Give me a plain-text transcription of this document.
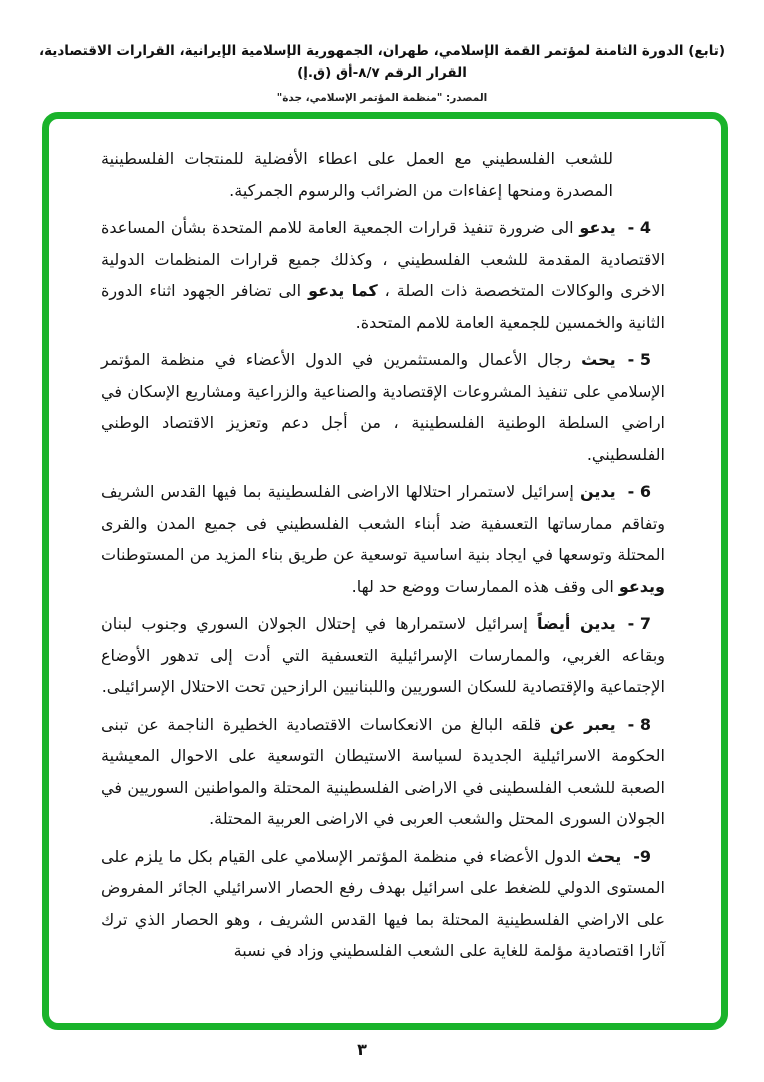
(تابع) الدورة الثامنة لمؤتمر القمة الإسلامي، طهران، الجمهورية الإسلامية الإيرانية، القرارات الاقتصادية، القرار الرقم ٨/٧-أق (ق.إ)
المصدر: "منظمة المؤتمر الإسلامي، جدة"

للشعب الفلسطيني مع العمل على اعطاء الأفضلية للمنتجات الفلسطينية المصدرة ومنحها إعفاءات من الضرائب والرسوم الجمركية.

4 -يدعو الى ضرورة تنفيذ قرارات الجمعية العامة للامم المتحدة بشأن المساعدة الاقتصادية المقدمة للشعب الفلسطيني ، وكذلك جميع قرارات المنظمات الدولية الاخرى والوكالات المتخصصة ذات الصلة ، كما يدعو الى تضافر الجهود اثناء الدورة الثانية والخمسين للجمعية العامة للامم المتحدة.

5 -يحث رجال الأعمال والمستثمرين في الدول الأعضاء في منظمة المؤتمر الإسلامي على تنفيذ المشروعات الإقتصادية والصناعية والزراعية ومشاريع الإسكان في اراضي السلطة الوطنية الفلسطينية ، من أجل دعم وتعزيز الاقتصاد الوطني الفلسطيني.

6 -يدين إسرائيل لاستمرار احتلالها الاراضى الفلسطينية بما فيها القدس الشريف وتفاقم ممارساتها التعسفية ضد أبناء الشعب الفلسطيني فى جميع المدن والقرى المحتلة وتوسعها في ايجاد بنية اساسية توسعية عن طريق بناء المزيد من المستوطنات ويدعو الى وقف هذه الممارسات ووضع حد لها.

7 -يدين أيضاً إسرائيل لاستمرارها في إحتلال الجولان السوري وجنوب لبنان وبقاعه الغربي، والممارسات الإسرائيلية التعسفية التي أدت إلى تدهور الأوضاع الإجتماعية والإقتصادية للسكان السوريين واللبنانيين الرازحين تحت الاحتلال الإسرائيلى.

8 -يعبر عن قلقه البالغ من الانعكاسات الاقتصادية الخطيرة الناجمة عن تبنى الحكومة الاسرائيلية الجديدة لسياسة الاستيطان التوسعية على الاحوال المعيشية الصعبة للشعب الفلسطينى في الاراضى الفلسطينية المحتلة والمواطنين السوريين في الجولان السورى المحتل والشعب العربى في الاراضى العربية المحتلة.

9-يحث الدول الأعضاء في منظمة المؤتمر الإسلامي على القيام بكل ما يلزم على المستوى الدولي للضغط على اسرائيل بهدف رفع الحصار الاسرائيلي الجائر المفروض على الاراضي الفلسطينية المحتلة بما فيها القدس الشريف ، وهو الحصار الذي ترك آثارا اقتصادية مؤلمة للغاية على الشعب الفلسطيني وزاد في نسبة

٣
